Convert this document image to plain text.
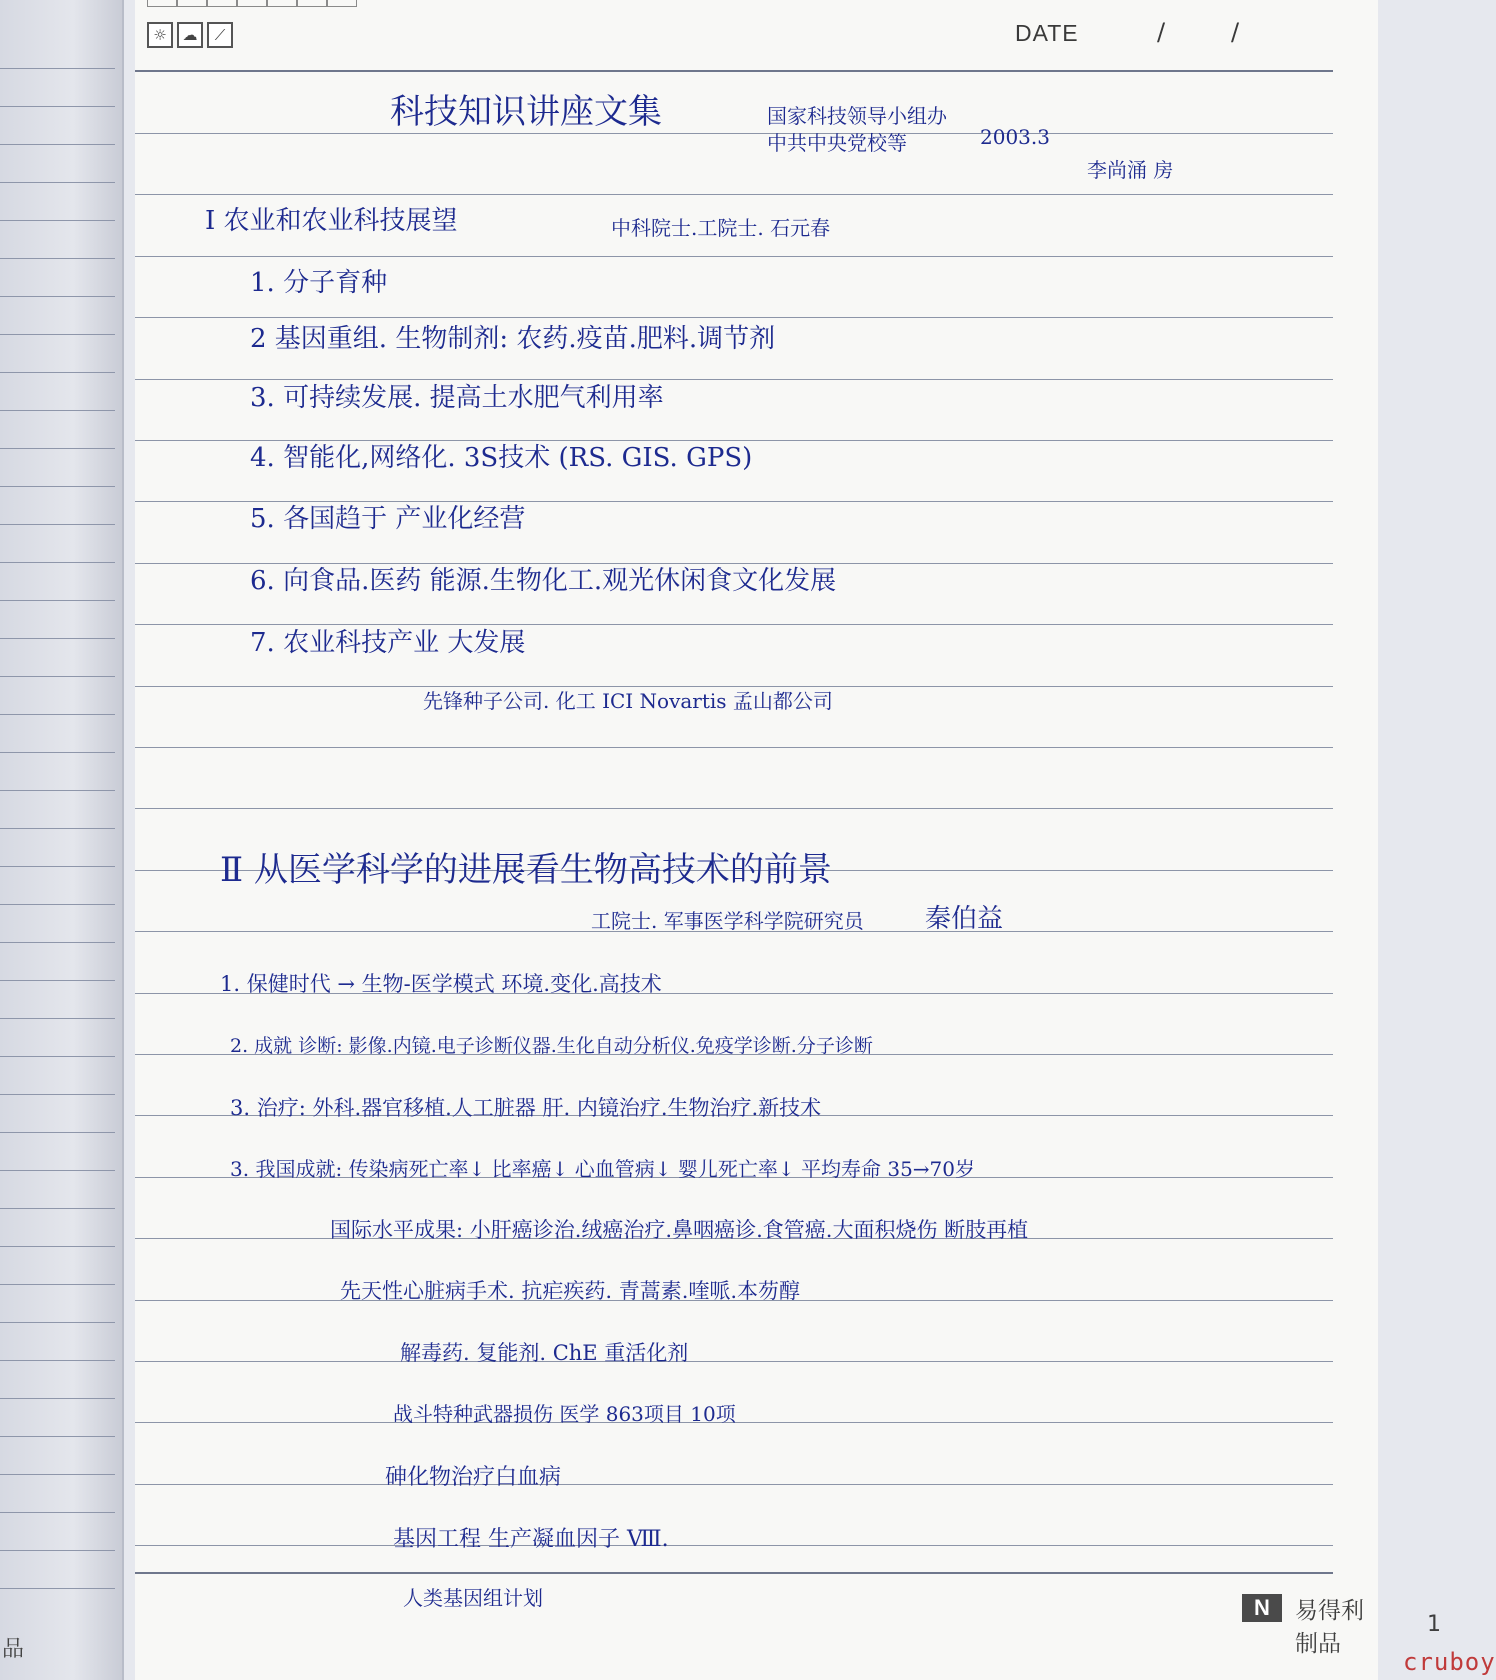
品
☼	☁	⟋	DATE	/	/
科技知识讲座文集	国家科技领导小组办
中共中央党校等	2003.3
李尚涌 房
Ⅰ 农业和农业科技展望	中科院士.工院士. 石元春
1. 分子育种
2 基因重组. 生物制剂: 农药.疫苗.肥料.调节剂
3. 可持续发展. 提高土水肥气利用率
4. 智能化,网络化. 3S技术 (RS. GIS. GPS)
5. 各国趋于 产业化经营
6. 向食品.医药 能源.生物化工.观光休闲食文化发展
7. 农业科技产业 大发展
先锋种子公司. 化工 ICI Novartis 孟山都公司
Ⅱ 从医学科学的进展看生物高技术的前景
工院士. 军事医学科学院研究员 秦伯益
1. 保健时代 → 生物-医学模式 环境.变化.高技术
2. 成就 诊断: 影像.内镜.电子诊断仪器.生化自动分析仪.免疫学诊断.分子诊断
3. 治疗: 外科.器官移植.人工脏器 肝. 内镜治疗.生物治疗.新技术
3. 我国成就: 传染病死亡率↓ 比率癌↓ 心血管病↓ 婴儿死亡率↓ 平均寿命 35→70岁
国际水平成果: 小肝癌诊治.绒癌治疗.鼻咽癌诊.食管癌.大面积烧伤 断肢再植
先天性心脏病手术. 抗疟疾药. 青蒿素.喹哌.本芴醇
解毒药. 复能剂. ChE 重活化剂
战斗特种武器损伤 医学 863项目 10项
砷化物治疗白血病
基因工程 生产凝血因子 Ⅷ.
人类基因组计划	N	易得利制品
1
cruboy
